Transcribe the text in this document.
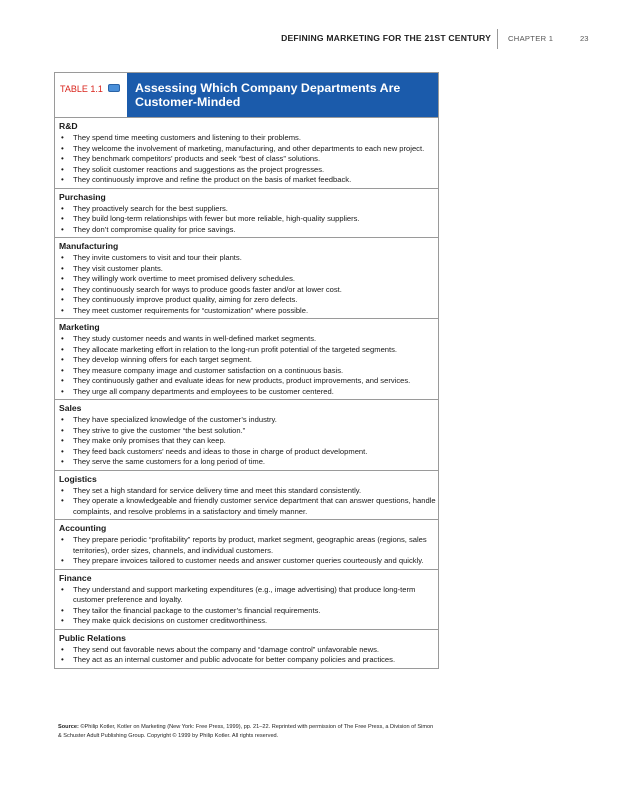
DEFINING MARKETING FOR THE 21ST CENTURY CHAPTER 1	23
TABLE 1.1	Assessing Which Company Departments Are Customer-Minded
R&D
• They spend time meeting customers and listening to their problems.
• They welcome the involvement of marketing, manufacturing, and other departments to each new project.
• They benchmark competitors’ products and seek “best of class” solutions.
• They solicit customer reactions and suggestions as the project progresses.
• They continuously improve and refine the product on the basis of market feedback.
Purchasing
• They proactively search for the best suppliers.
• They build long-term relationships with fewer but more reliable, high-quality suppliers.
• They don’t compromise quality for price savings.
Manufacturing
• They invite customers to visit and tour their plants.
• They visit customer plants.
• They willingly work overtime to meet promised delivery schedules.
• They continuously search for ways to produce goods faster and/or at lower cost.
• They continuously improve product quality, aiming for zero defects.
• They meet customer requirements for “customization” where possible.
Marketing
• They study customer needs and wants in well-defined market segments.
• They allocate marketing effort in relation to the long-run profit potential of the targeted segments.
• They develop winning offers for each target segment.
• They measure company image and customer satisfaction on a continuous basis.
• They continuously gather and evaluate ideas for new products, product improvements, and services.
• They urge all company departments and employees to be customer centered.
Sales
• They have specialized knowledge of the customer’s industry.
• They strive to give the customer “the best solution.”
• They make only promises that they can keep.
• They feed back customers’ needs and ideas to those in charge of product development.
• They serve the same customers for a long period of time.
Logistics
• They set a high standard for service delivery time and meet this standard consistently.
• They operate a knowledgeable and friendly customer service department that can answer questions, handle complaints, and resolve problems in a satisfactory and timely manner.
Accounting
• They prepare periodic “profitability” reports by product, market segment, geographic areas (regions, sales territories), order sizes, channels, and individual customers.
• They prepare invoices tailored to customer needs and answer customer queries courteously and quickly.
Finance
• They understand and support marketing expenditures (e.g., image advertising) that produce long-term customer preference and loyalty.
• They tailor the financial package to the customer’s financial requirements.
• They make quick decisions on customer creditworthiness.
Public Relations
• They send out favorable news about the company and “damage control” unfavorable news.
• They act as an internal customer and public advocate for better company policies and practices.
Source: ©Philip Kotler, Kotler on Marketing (New York: Free Press, 1999), pp. 21–22. Reprinted with permission of The Free Press, a Division of Simon & Schuster Adult Publishing Group. Copyright © 1999 by Philip Kotler. All rights reserved.
